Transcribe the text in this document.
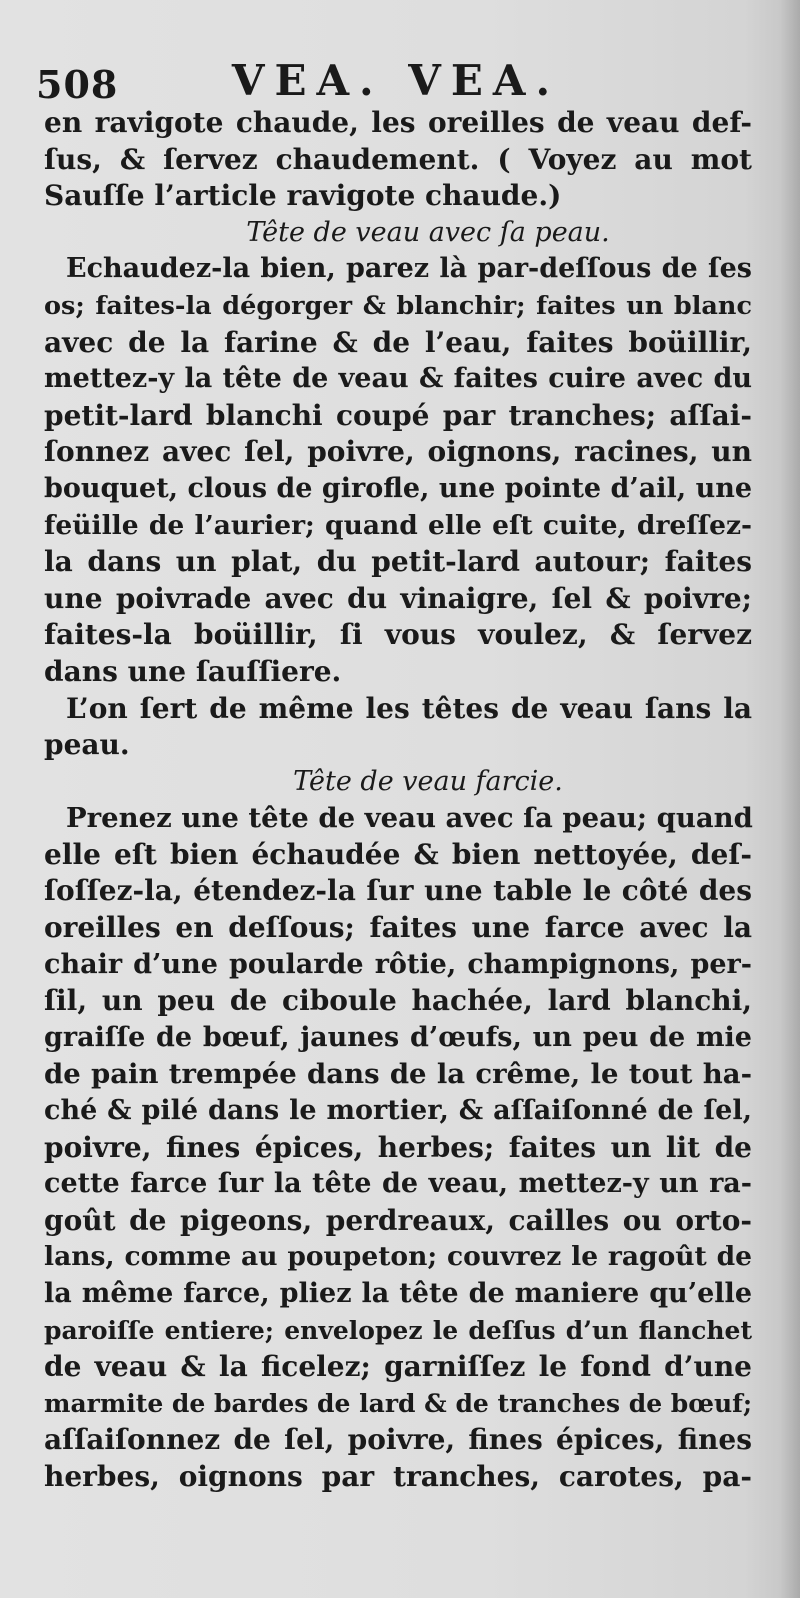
508	VEA. VEA.
en ravigote chaude, les oreilles de veau def-
ſus, & ſervez chaudement. ( Voyez au mot
Sauſſe l’article ravigote chaude.)
Tête de veau avec ſa peau.
Echaudez-la bien, parez là par-deſſous de ſes
os; faites-la dégorger & blanchir; faites un blanc
avec de la farine & de l’eau, faites boüillir,
mettez-y la tête de veau & faites cuire avec du
petit-lard blanchi coupé par tranches; aſſai-
ſonnez avec ſel, poivre, oignons, racines, un
bouquet, clous de girofle, une pointe d’ail, une
feüille de l’aurier; quand elle eſt cuite, dreſſez-
la dans un plat, du petit-lard autour; faites
une poivrade avec du vinaigre, ſel & poivre;
faites-la boüillir, ſi vous voulez, & ſervez
dans une ſauſſiere.
L’on ſert de même les têtes de veau ſans la
peau.
Tête de veau farcie.
Prenez une tête de veau avec ſa peau; quand
elle eſt bien échaudée & bien nettoyée, deſ-
ſoſſez-la, étendez-la ſur une table le côté des
oreilles en deſſous; faites une farce avec la
chair d’une poularde rôtie, champignons, per-
ſil, un peu de ciboule hachée, lard blanchi,
graiſſe de bœuf, jaunes d’œufs, un peu de mie
de pain trempée dans de la crême, le tout ha-
ché & pilé dans le mortier, & aſſaiſonné de ſel,
poivre, fines épices, herbes; faites un lit de
cette farce ſur la tête de veau, mettez-y un ra-
goût de pigeons, perdreaux, cailles ou orto-
lans, comme au poupeton; couvrez le ragoût de
la même farce, pliez la tête de maniere qu’elle
paroiſſe entiere; envelopez le deſſus d’un flanchet
de veau & la ficelez; garniſſez le fond d’une
marmite de bardes de lard & de tranches de bœuf;
aſſaiſonnez de ſel, poivre, fines épices, fines
herbes, oignons par tranches, carotes, pa-
